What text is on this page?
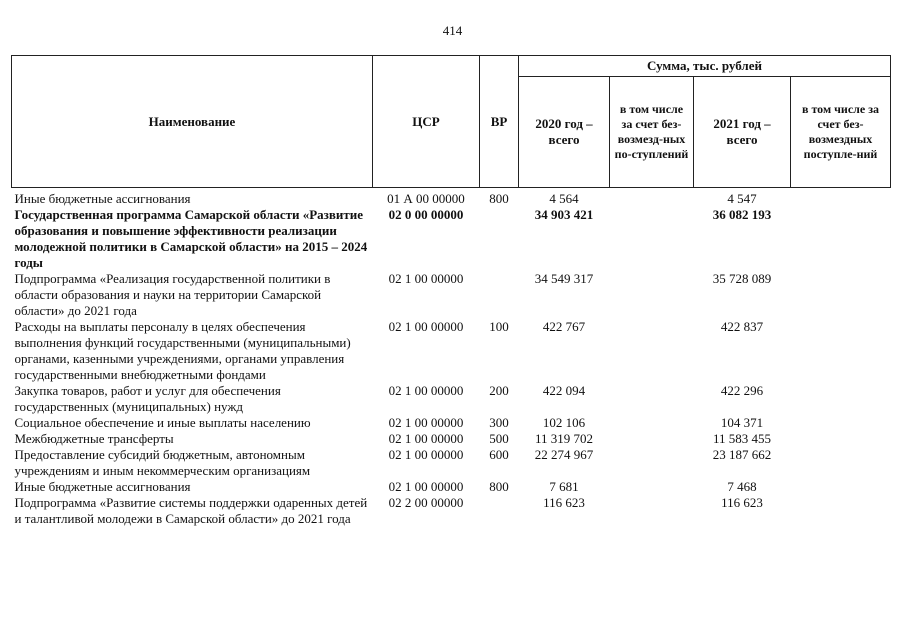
414
Наименование	ЦСР	ВР	Сумма, тыс. рублей			
			2020 год – всего	в том числе за счет без-возмезд-ных по-ступлений	2021 год – всего	в том числе за счет без-возмездных поступле-ний
Иные бюджетные ассигнования	01 А 00 00000	800	4 564		4 547	
Государственная программа Самарской области «Развитие образования и повышение эффективности реализации молодежной политики в Самарской области» на 2015 – 2024 годы	02 0 00 00000		34 903 421		36 082 193	
Подпрограмма «Реализация государственной политики в области образования и науки на территории Самарской области» до 2021 года	02 1 00 00000		34 549 317		35 728 089	
Расходы на выплаты персоналу в целях обеспечения выполнения функций государственными (муниципальными) органами, казенными учреждениями, органами управления государственными внебюджетными фондами	02 1 00 00000	100	422 767		422 837	
Закупка товаров, работ и услуг для обеспечения государственных (муниципальных) нужд	02 1 00 00000	200	422 094		422 296	
Социальное обеспечение и иные выплаты населению	02 1 00 00000	300	102 106		104 371	
Межбюджетные трансферты	02 1 00 00000	500	11 319 702		11 583 455	
Предоставление субсидий бюджетным, автономным учреждениям и иным некоммерческим организациям	02 1 00 00000	600	22 274 967		23 187 662	
Иные бюджетные ассигнования	02 1 00 00000	800	7 681		7 468	
Подпрограмма «Развитие системы поддержки одаренных детей и талантливой молодежи в Самарской области» до 2021 года	02 2 00 00000		116 623		116 623	
